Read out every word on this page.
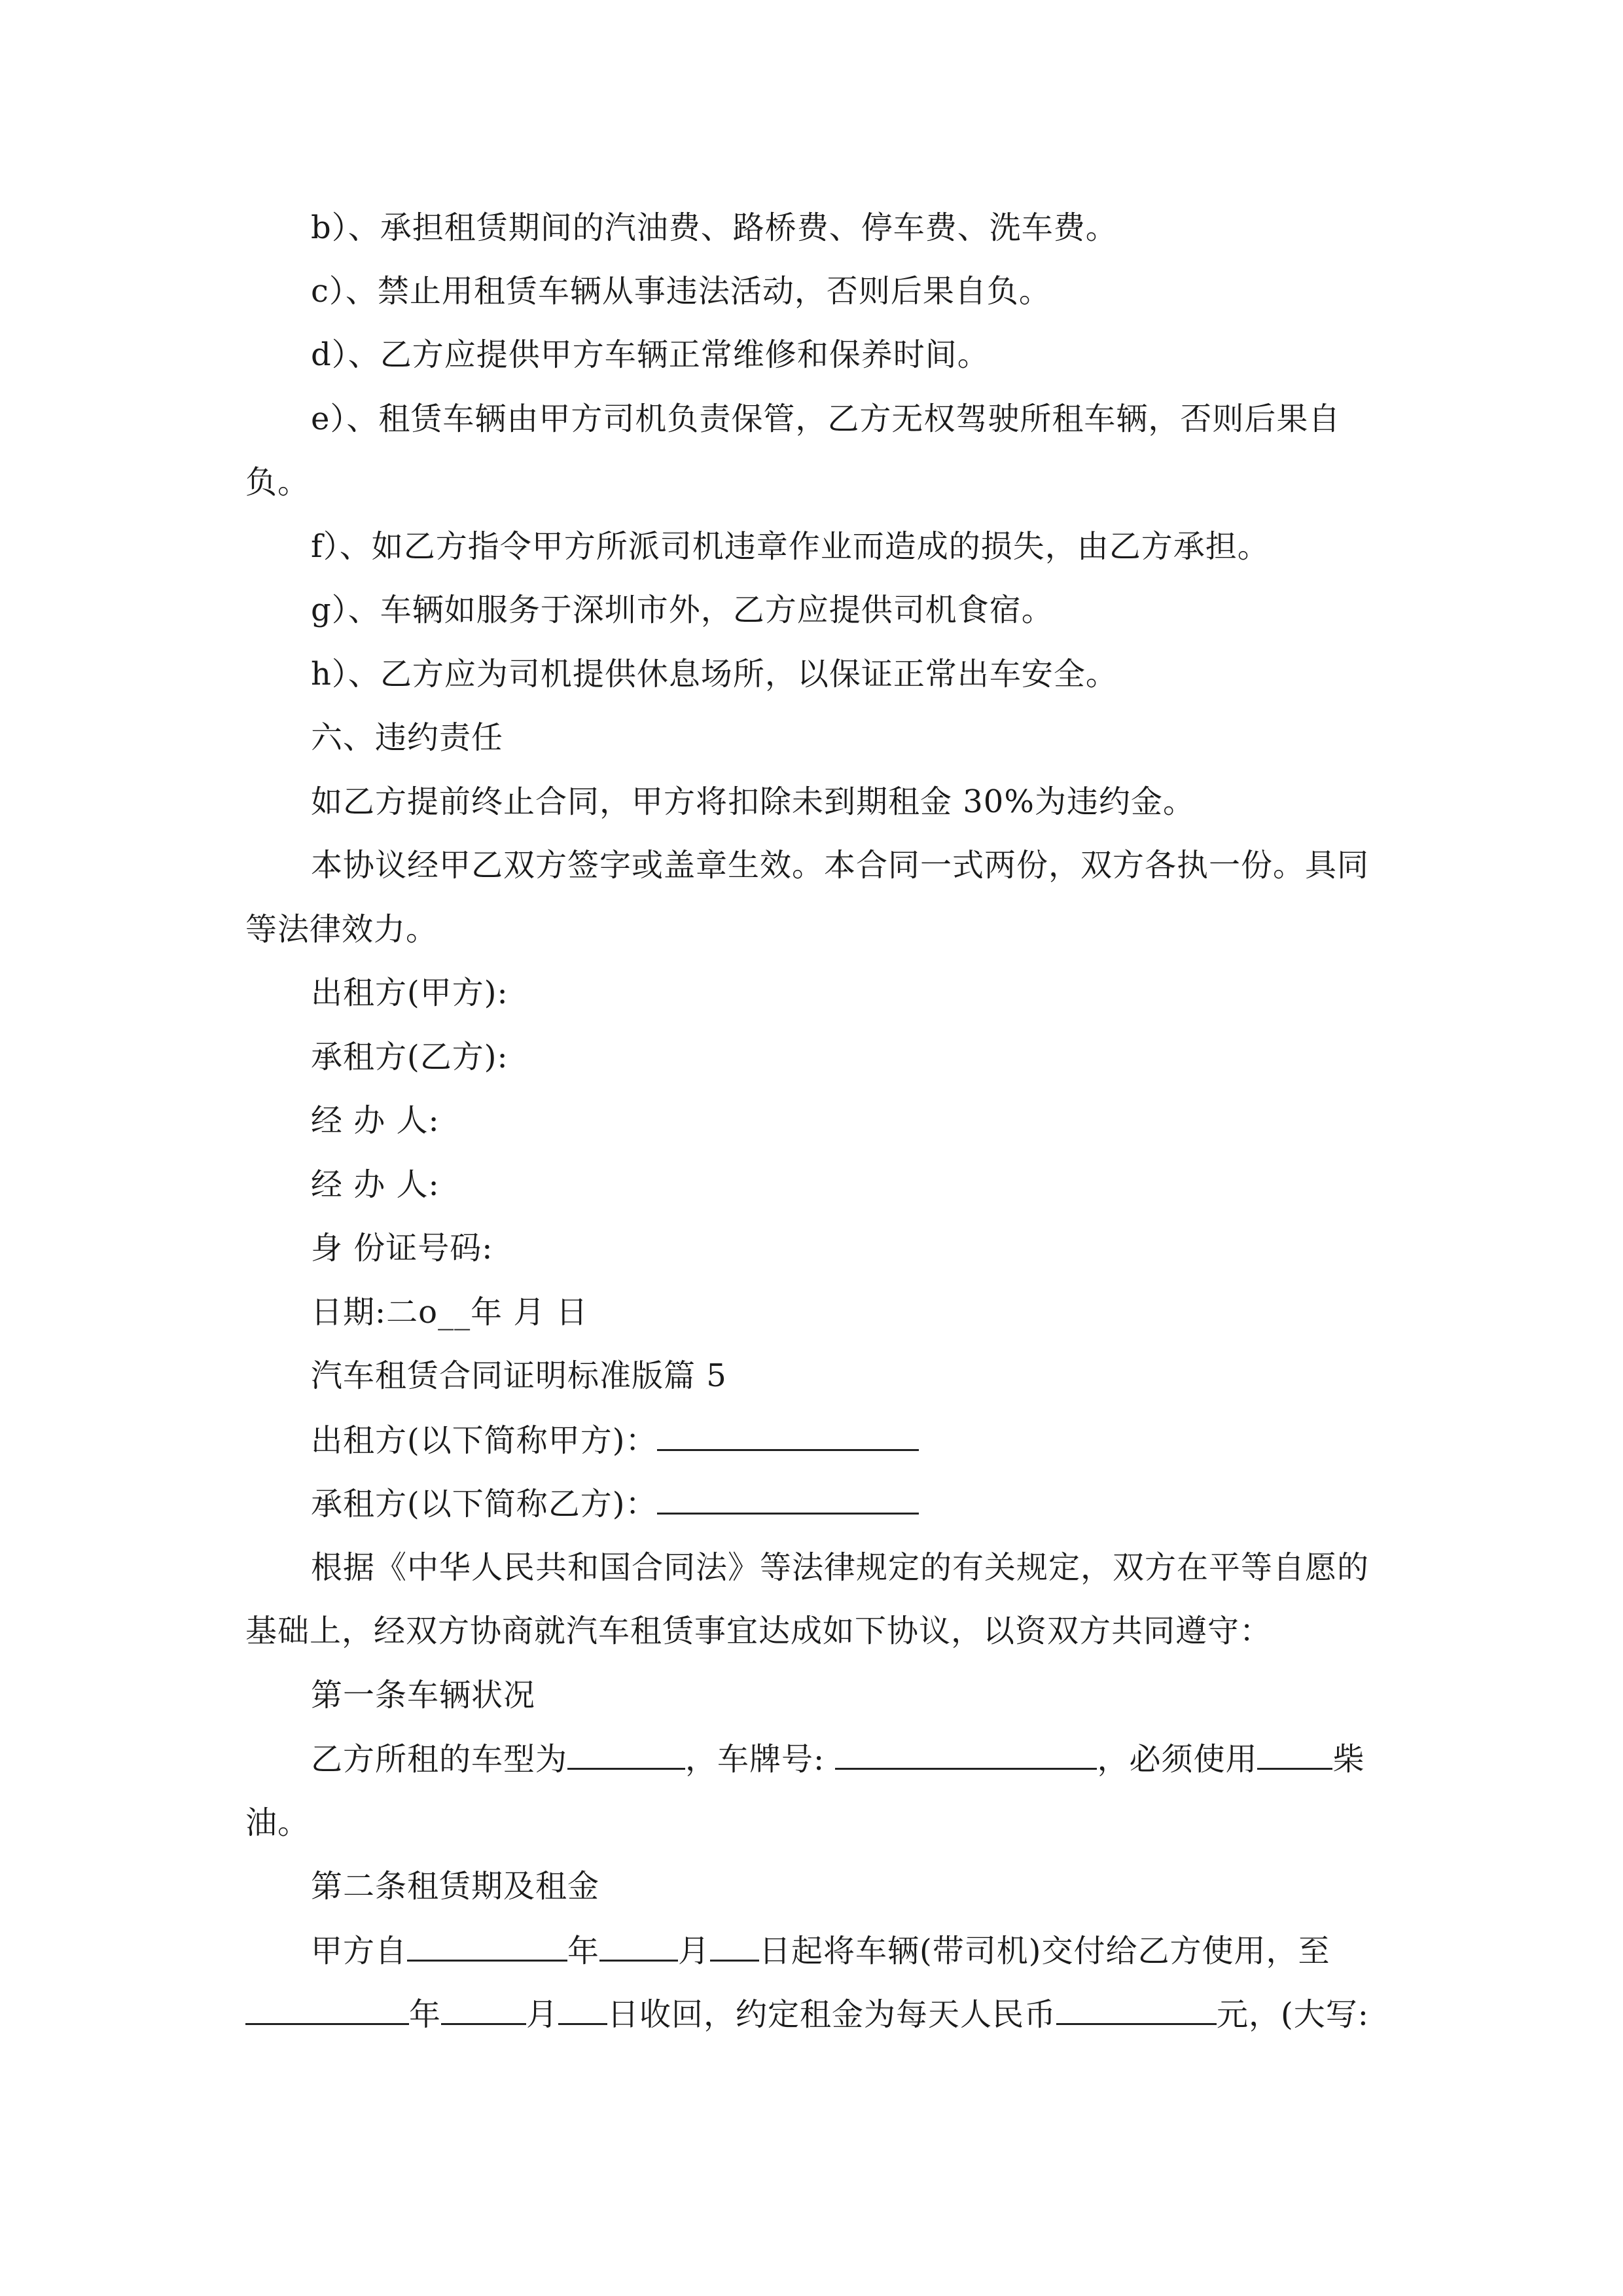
b）、承担租赁期间的汽油费、路桥费、停车费、洗车费。
c）、禁止用租赁车辆从事违法活动，否则后果自负。
d）、乙方应提供甲方车辆正常维修和保养时间。
e）、租赁车辆由甲方司机负责保管，乙方无权驾驶所租车辆，否则后果自
负。
f）、如乙方指令甲方所派司机违章作业而造成的损失，由乙方承担。
g）、车辆如服务于深圳市外，乙方应提供司机食宿。
h）、乙方应为司机提供休息场所，以保证正常出车安全。
六、违约责任
如乙方提前终止合同，甲方将扣除未到期租金 30%为违约金。
本协议经甲乙双方签字或盖章生效。本合同一式两份，双方各执一份。具同
等法律效力。
出租方(甲方):
承租方(乙方):
经 办 人:
经 办 人:
身 份证号码:
日期:二o__年 月 日
汽车租赁合同证明标准版篇 5
出租方(以下简称甲方)：
承租方(以下简称乙方)：
根据《中华人民共和国合同法》等法律规定的有关规定，双方在平等自愿的
基础上，经双方协商就汽车租赁事宜达成如下协议，以资双方共同遵守：
第一条车辆状况
乙方所租的车型为	，车牌号:	，必须使用 柴
油。
第二条租赁期及租金
甲方自	年	月 日起将车辆(带司机)交付给乙方使用，至
年	月 日收回，约定租金为每天人民币	元，(大写:
